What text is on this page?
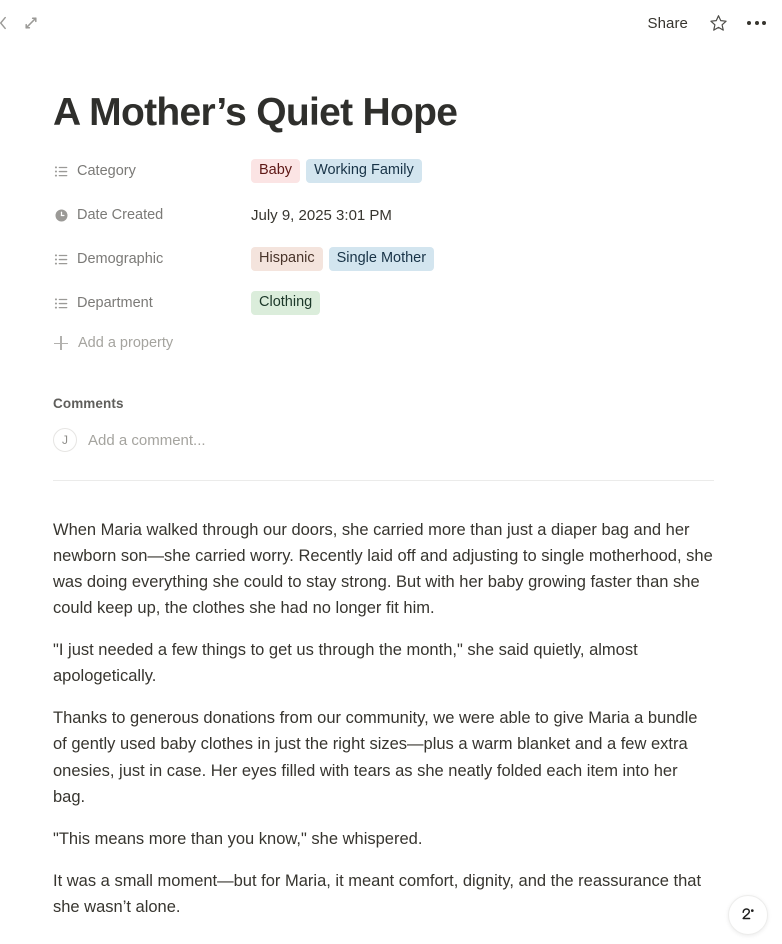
Share
A Mother’s Quiet Hope
Category	Baby	Working Family
Date Created	July 9, 2025 3:01 PM
Demographic	Hispanic	Single Mother
Department	Clothing
Add a property
Comments
J	Add a comment...

When Maria walked through our doors, she carried more than just a diaper bag and her newborn son—she carried worry. Recently laid off and adjusting to single motherhood, she was doing everything she could to stay strong. But with her baby growing faster than she could keep up, the clothes she had no longer fit him.

"I just needed a few things to get us through the month," she said quietly, almost apologetically.

Thanks to generous donations from our community, we were able to give Maria a bundle of gently used baby clothes in just the right sizes—plus a warm blanket and a few extra onesies, just in case. Her eyes filled with tears as she neatly folded each item into her bag.

"This means more than you know," she whispered.

It was a small moment—but for Maria, it meant comfort, dignity, and the reassurance that she wasn’t alone.
